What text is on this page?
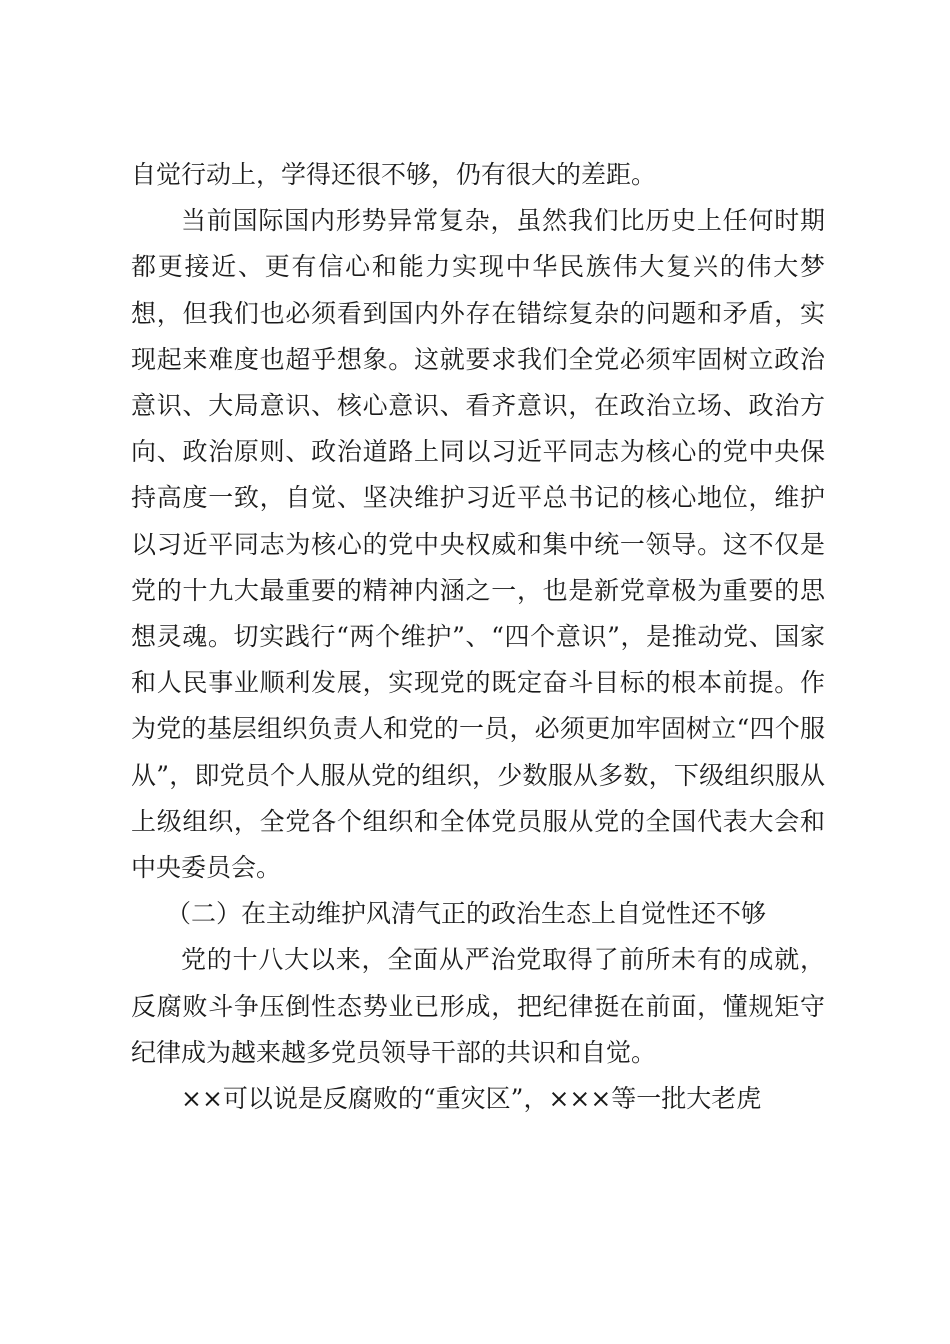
自觉行动上，学得还很不够，仍有很大的差距。

当前国际国内形势异常复杂，虽然我们比历史上任何时期都更接近、更有信心和能力实现中华民族伟大复兴的伟大梦想，但我们也必须看到国内外存在错综复杂的问题和矛盾，实现起来难度也超乎想象。这就要求我们全党必须牢固树立政治意识、大局意识、核心意识、看齐意识，在政治立场、政治方向、政治原则、政治道路上同以习近平同志为核心的党中央保持高度一致，自觉、坚决维护习近平总书记的核心地位，维护以习近平同志为核心的党中央权威和集中统一领导。这不仅是党的十九大最重要的精神内涵之一，也是新党章极为重要的思想灵魂。切实践行“两个维护”、“四个意识”，是推动党、国家和人民事业顺利发展，实现党的既定奋斗目标的根本前提。作为党的基层组织负责人和党的一员，必须更加牢固树立“四个服从”，即党员个人服从党的组织，少数服从多数，下级组织服从上级组织，全党各个组织和全体党员服从党的全国代表大会和中央委员会。

（二）在主动维护风清气正的政治生态上自觉性还不够

党的十八大以来，全面从严治党取得了前所未有的成就，反腐败斗争压倒性态势业已形成，把纪律挺在前面，懂规矩守纪律成为越来越多党员领导干部的共识和自觉。

××可以说是反腐败的“重灾区”，×××等一批大老虎
